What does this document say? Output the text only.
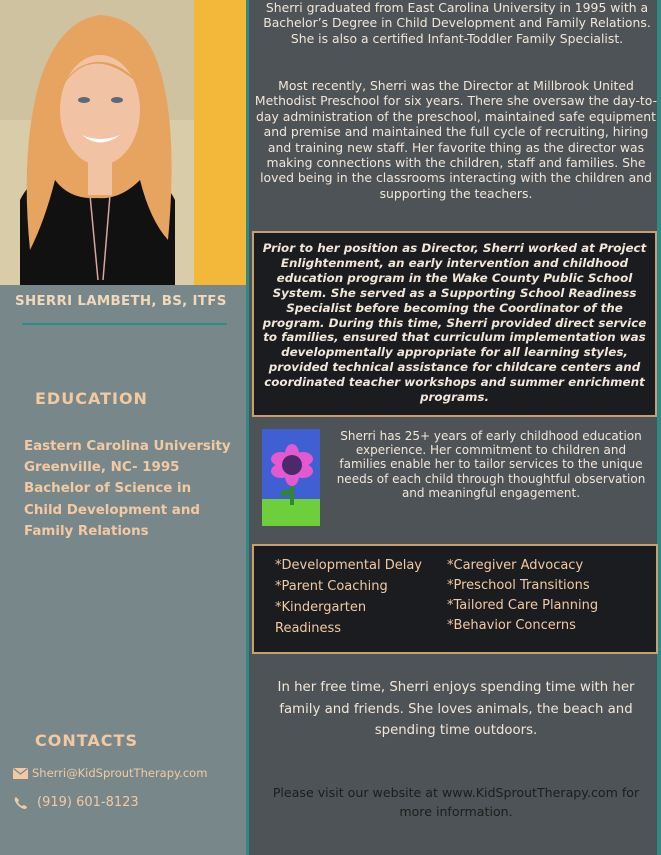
SHERRI LAMBETH, BS, ITFS
EDUCATION
Eastern Carolina University
Greenville, NC- 1995
Bachelor of Science in
Child Development and
Family Relations
CONTACTS
Sherri@KidSproutTherapy.com
(919) 601-8123

Sherri graduated from East Carolina University in 1995 with a Bachelor’s Degree in Child Development and Family Relations. She is also a certified Infant-Toddler Family Specialist.

Most recently, Sherri was the Director at Millbrook United Methodist Preschool for six years. There she oversaw the day-to-day administration of the preschool, maintained safe equipment and premise and maintained the full cycle of recruiting, hiring and training new staff. Her favorite thing as the director was making connections with the children, staff and families. She loved being in the classrooms interacting with the children and supporting the teachers.

Prior to her position as Director, Sherri worked at Project Enlightenment, an early intervention and childhood education program in the Wake County Public School System. She served as a Supporting School Readiness Specialist before becoming the Coordinator of the program. During this time, Sherri provided direct service to families, ensured that curriculum implementation was developmentally appropriate for all learning styles, provided technical assistance for childcare centers and coordinated teacher workshops and summer enrichment programs.

Sherri has 25+ years of early childhood education experience. Her commitment to children and families enable her to tailor services to the unique needs of each child through thoughtful observation and meaningful engagement.

*Developmental Delay
*Parent Coaching
*Kindergarten
Readiness
*Caregiver Advocacy
*Preschool Transitions
*Tailored Care Planning
*Behavior Concerns

In her free time, Sherri enjoys spending time with her family and friends. She loves animals, the beach and spending time outdoors.

Please visit our website at www.KidSproutTherapy.com for more information.
